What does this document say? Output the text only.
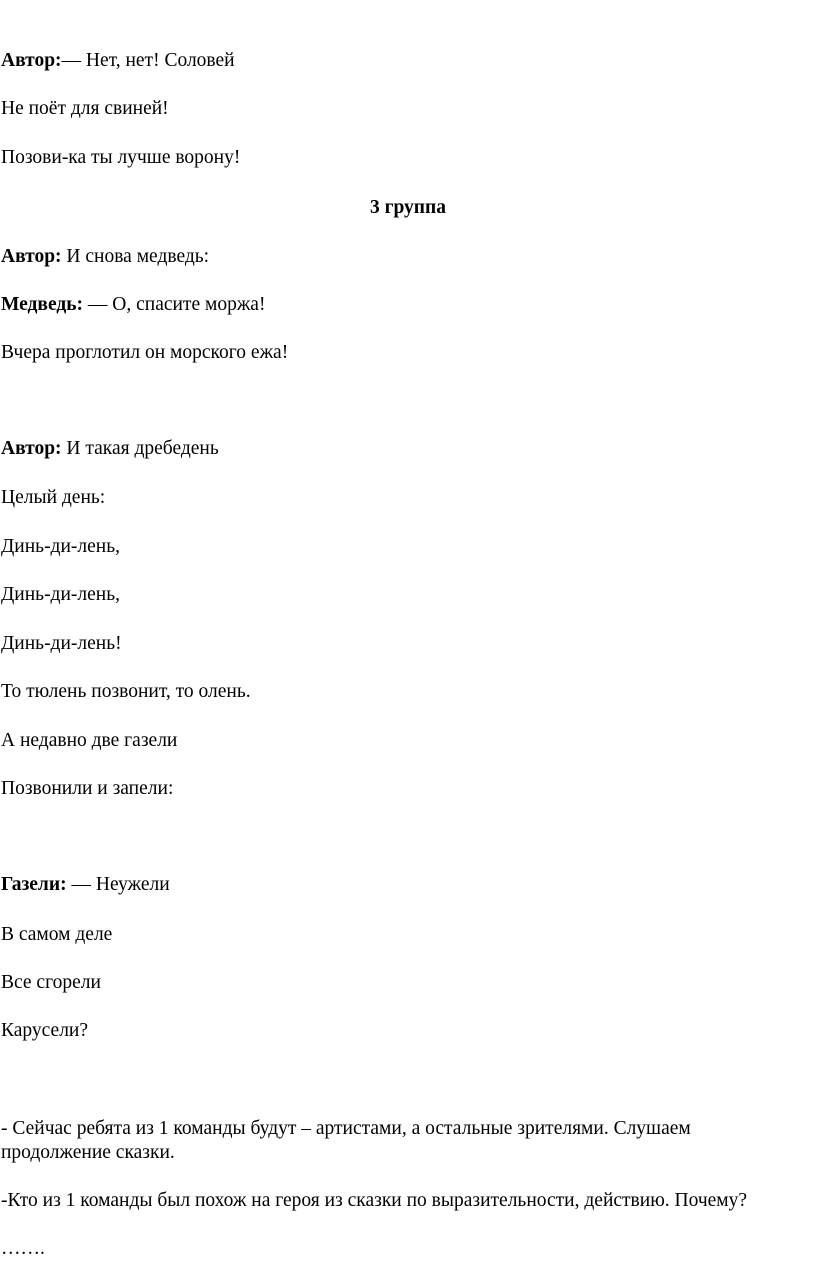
Автор:— Нет, нет! Соловей
Не поёт для свиней!
Позови-ка ты лучше ворону!
3 группа
Автор: И снова медведь:
Медведь: — О, спасите моржа!
Вчера проглотил он морского ежа!
Автор: И такая дребедень
Целый день:
Динь-ди-лень,
Динь-ди-лень,
Динь-ди-лень!
То тюлень позвонит, то олень.
А недавно две газели
Позвонили и запели:
Газели: — Неужели
В самом деле
Все сгорели
Карусели?
- Сейчас ребята из 1 команды будут – артистами, а остальные зрителями. Слушаем продолжение сказки.
-Кто из 1 команды был похож на героя из сказки по выразительности, действию. Почему?
…….
